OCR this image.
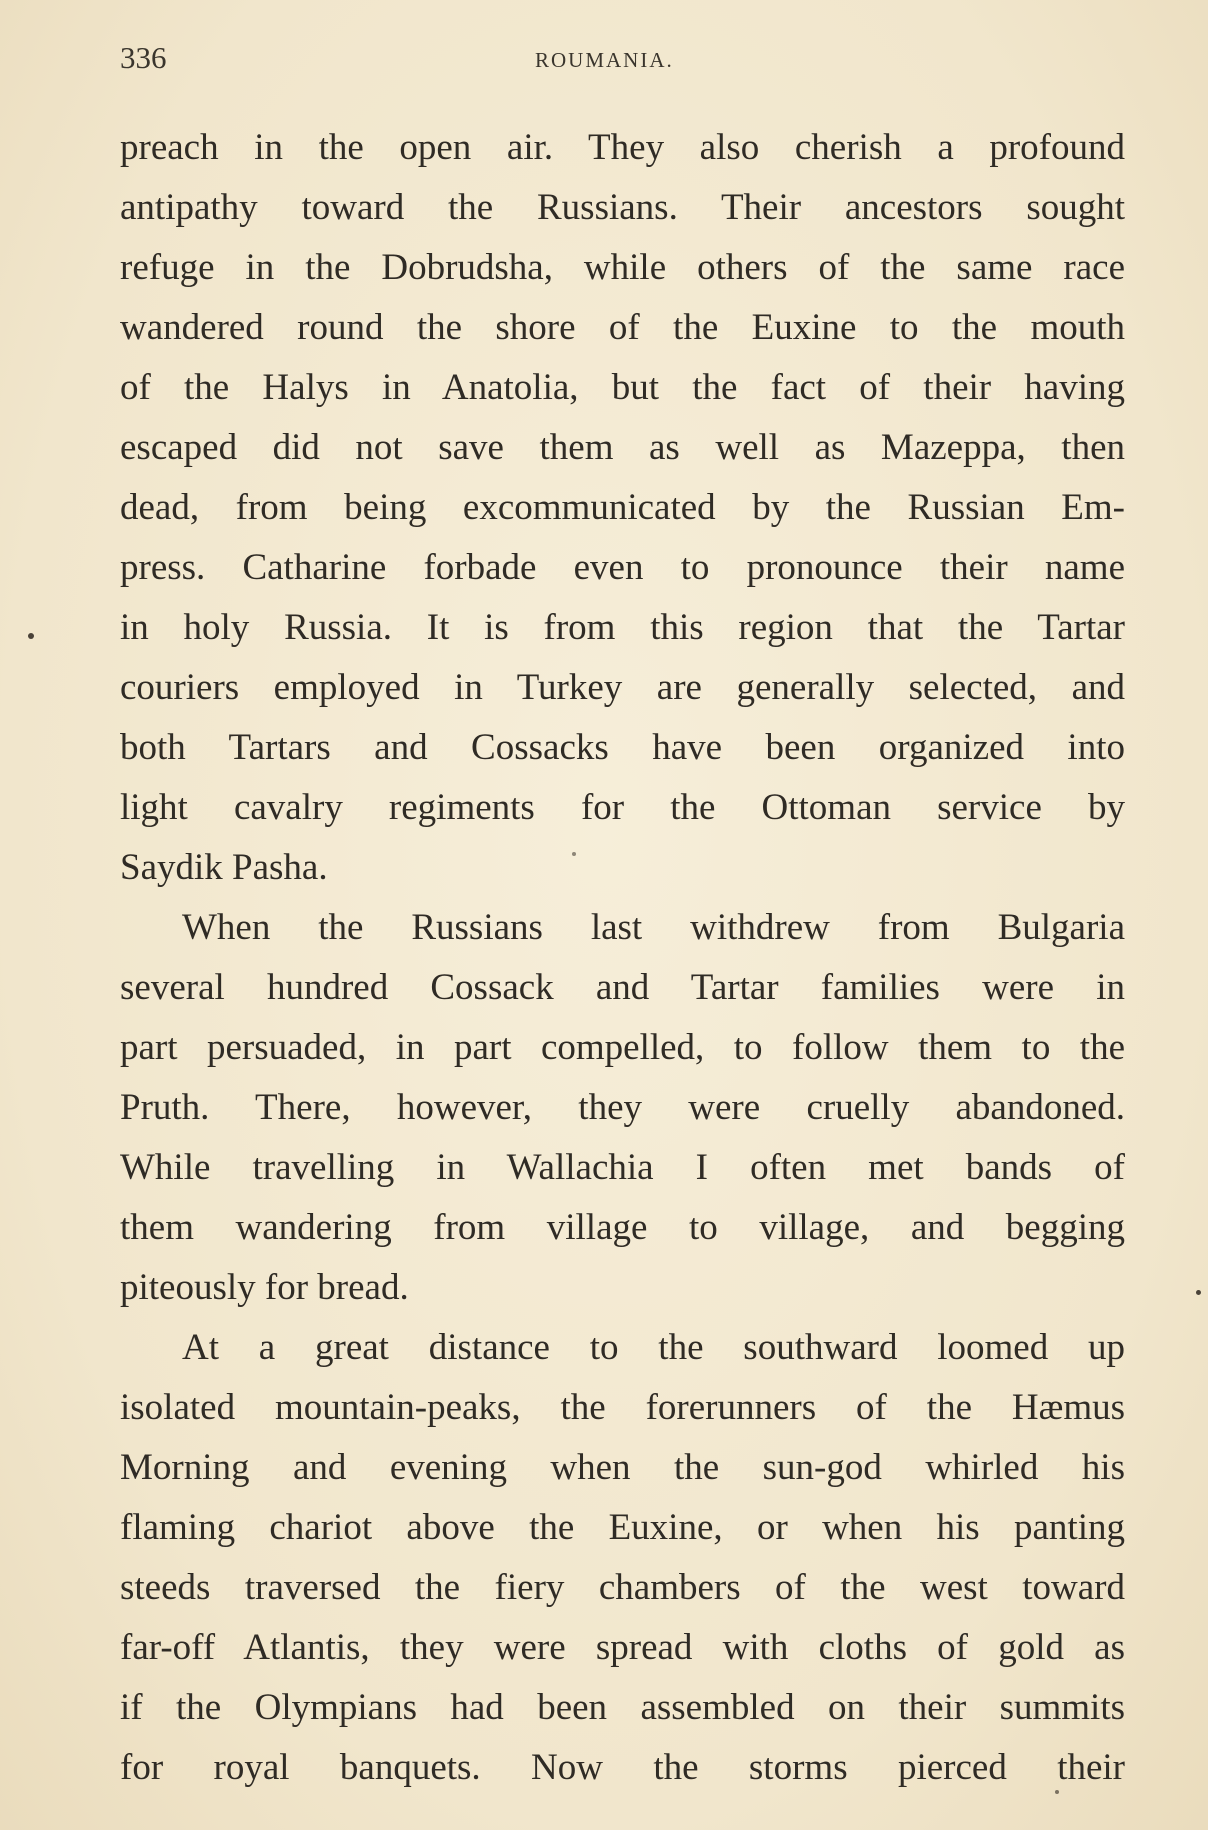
336	ROUMANIA.
preach in the open air. They also cherish a profound
antipathy toward the Russians. Their ancestors sought
refuge in the Dobrudsha, while others of the same race
wandered round the shore of the Euxine to the mouth
of the Halys in Anatolia, but the fact of their having
escaped did not save them as well as Mazeppa, then
dead, from being excommunicated by the Russian Em-
press. Catharine forbade even to pronounce their name
in holy Russia. It is from this region that the Tartar
couriers employed in Turkey are generally selected, and
both Tartars and Cossacks have been organized into
light cavalry regiments for the Ottoman service by
Saydik Pasha.
When the Russians last withdrew from Bulgaria
several hundred Cossack and Tartar families were in
part persuaded, in part compelled, to follow them to the
Pruth. There, however, they were cruelly abandoned.
While travelling in Wallachia I often met bands of
them wandering from village to village, and begging
piteously for bread.
At a great distance to the southward loomed up
isolated mountain-peaks, the forerunners of the Hæmus
Morning and evening when the sun-god whirled his
flaming chariot above the Euxine, or when his panting
steeds traversed the fiery chambers of the west toward
far-off Atlantis, they were spread with cloths of gold as
if the Olympians had been assembled on their summits
for royal banquets. Now the storms pierced their
